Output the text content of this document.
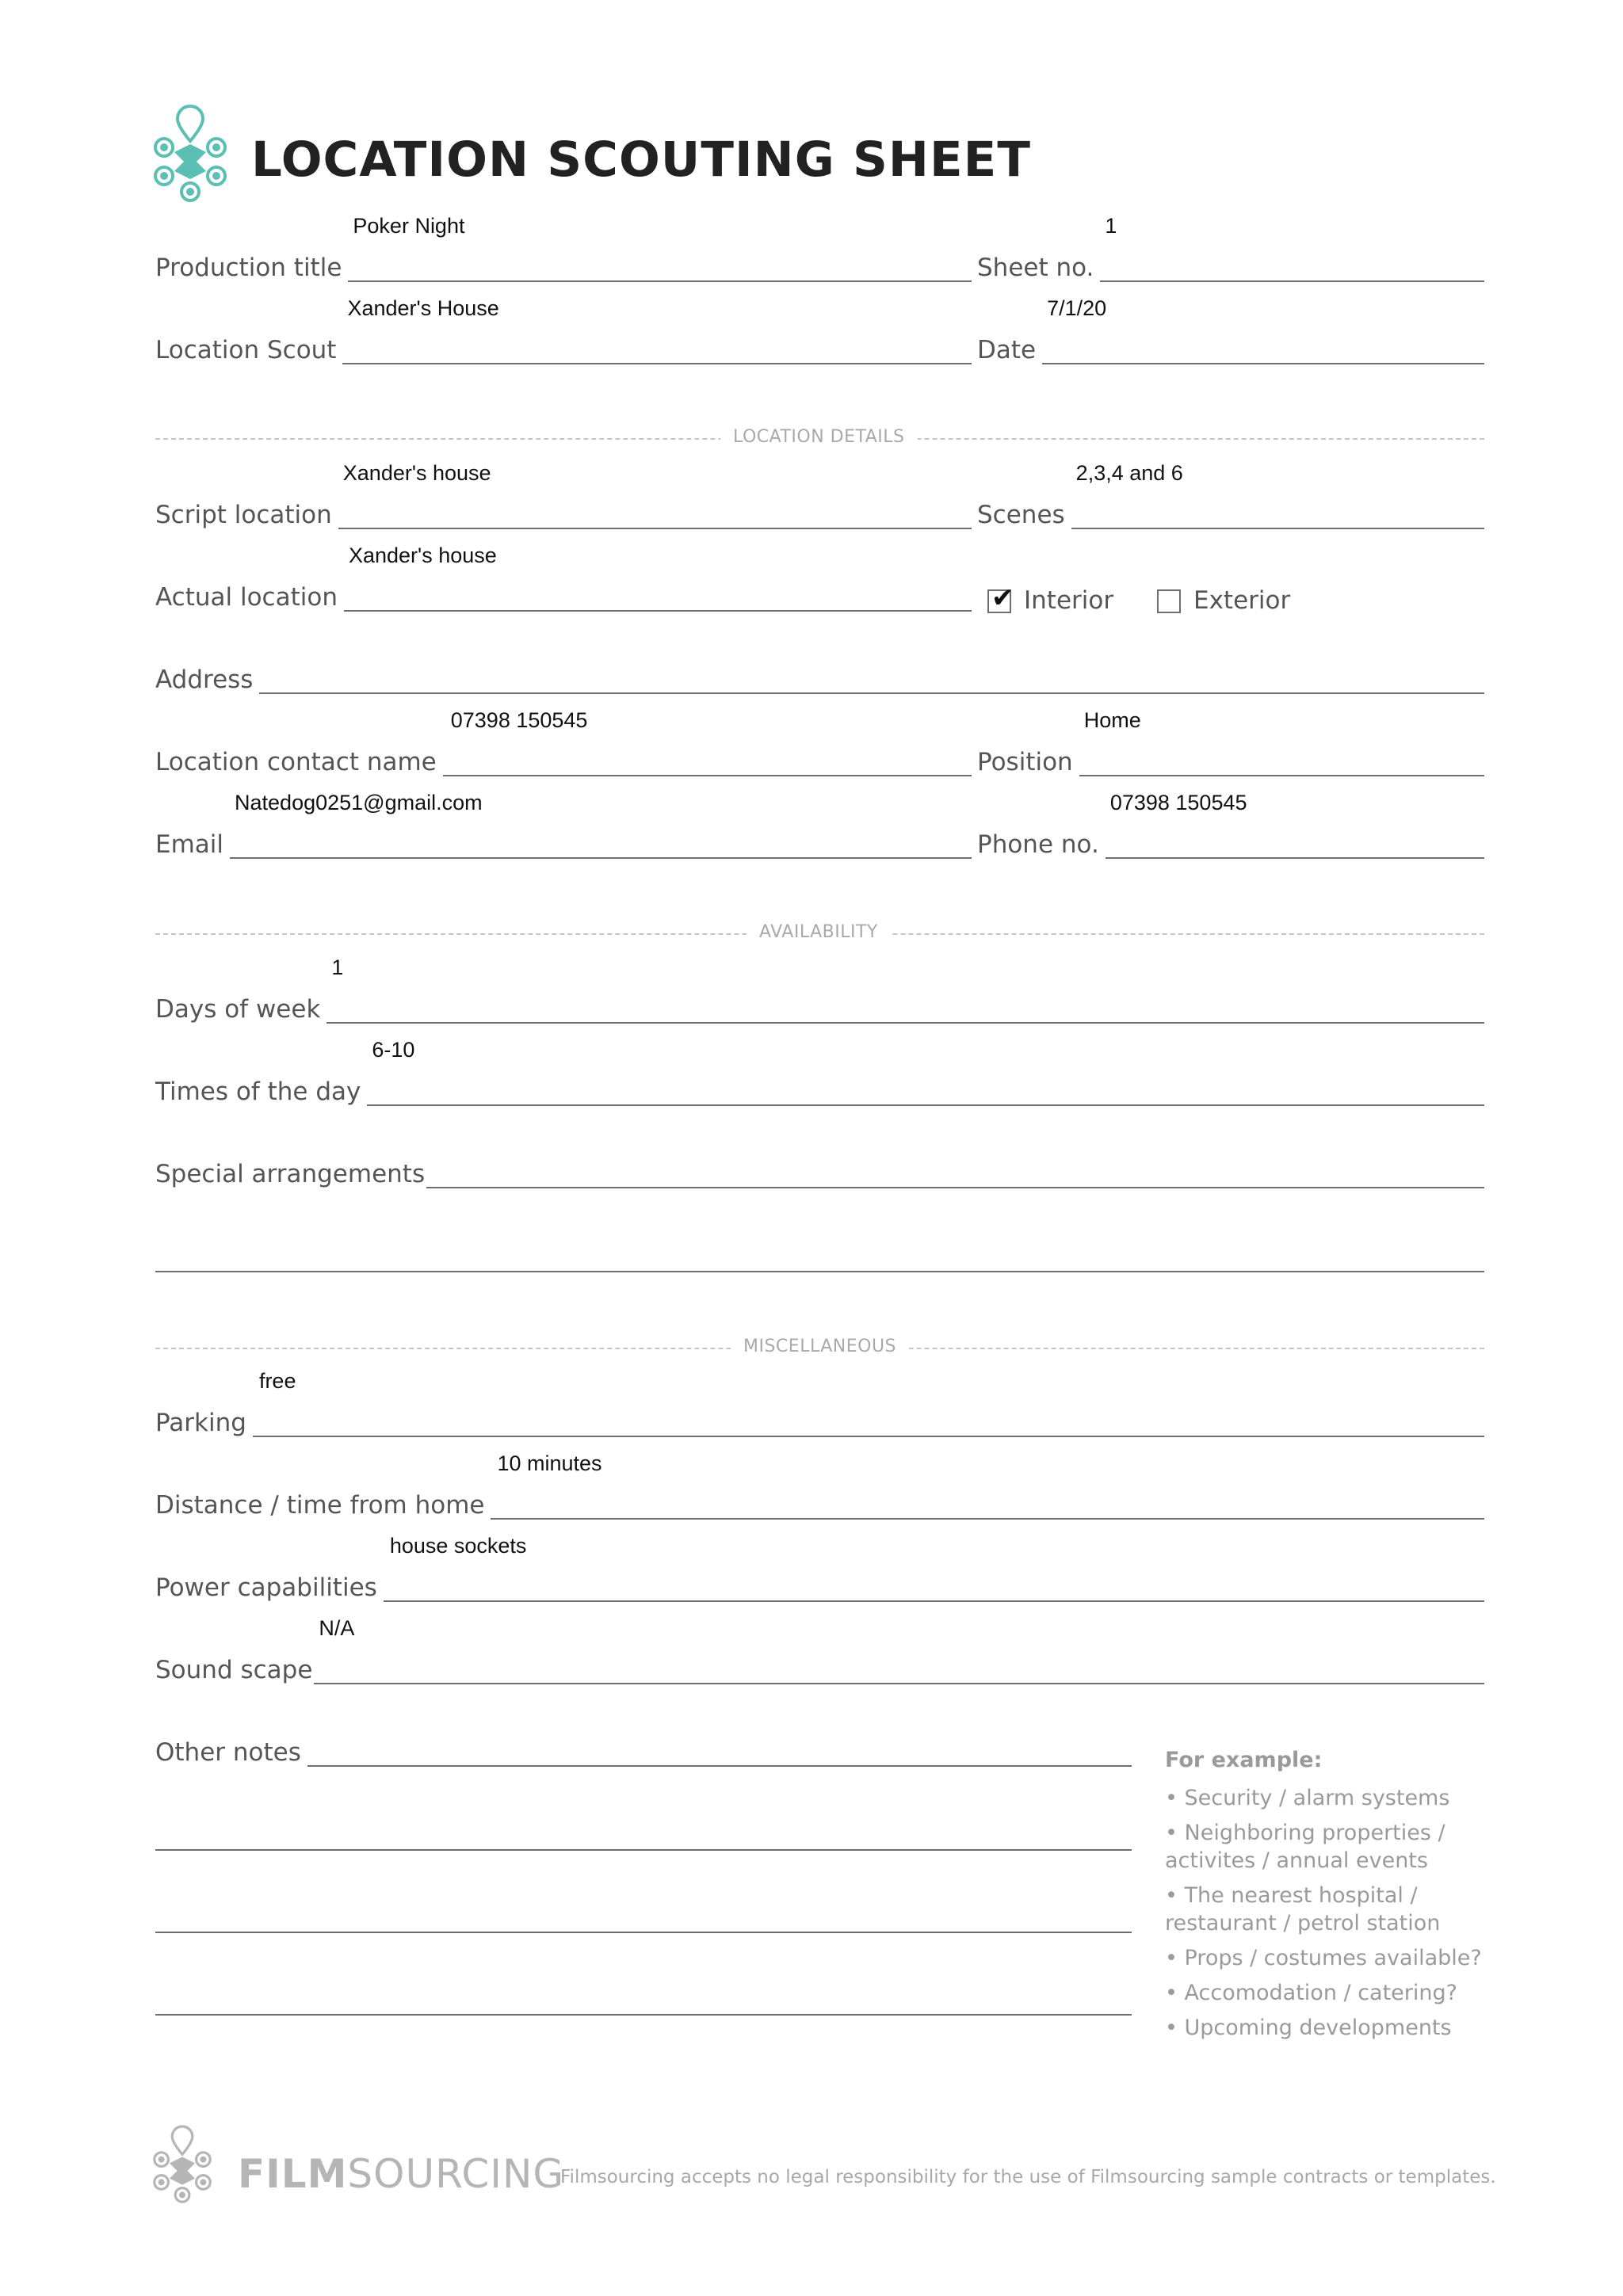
LOCATION SCOUTING SHEET
Production title
Poker Night
Sheet no.
1
Location Scout
Xander's House
Date
7/1/20
LOCATION DETAILS
Script location
Xander's house
Scenes
2,3,4 and 6
Actual location
Xander's house
✔ Interior	Exterior
Address
Location contact name
07398 150545
Position
Home
Email
Natedog0251@gmail.com
Phone no.
07398 150545
AVAILABILITY
Days of week
1
Times of the day
6-10
Special arrangements
MISCELLANEOUS
Parking
free
Distance / time from home
10 minutes
Power capabilities
house sockets
Sound scape
N/A
Other notes	For example:
• Security / alarm systems
• Neighboring properties / activites / annual events
• The nearest hospital / restaurant / petrol station
• Props / costumes available?
• Accomodation / catering?
• Upcoming developments
FILMSOURCING
Filmsourcing accepts no legal responsibility for the use of Filmsourcing sample contracts or templates.
